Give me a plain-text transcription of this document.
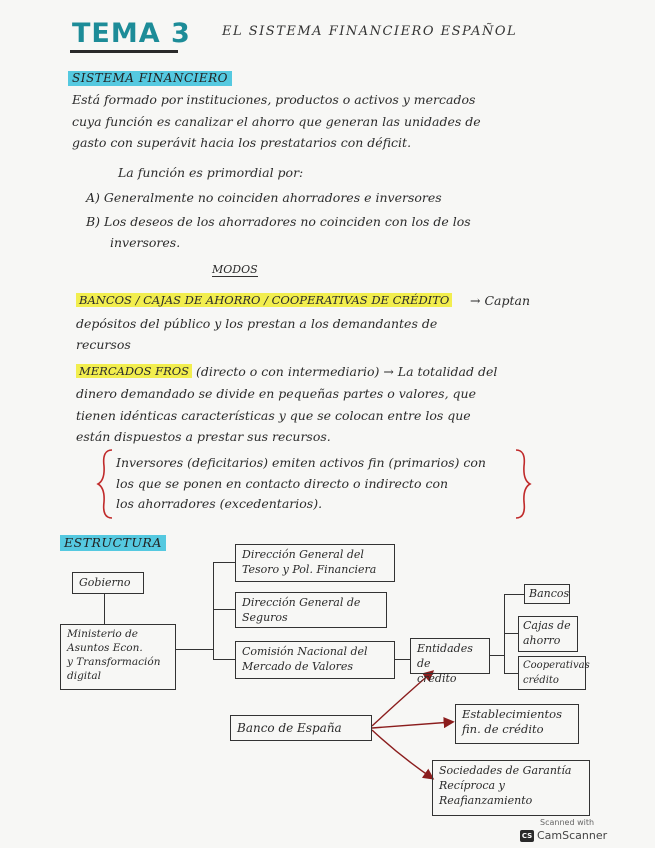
TEMA 3 EL SISTEMA FINANCIERO ESPAÑOL
SISTEMA FINANCIERO
Está formado por instituciones, productos o activos y mercados
cuya función es canalizar el ahorro que generan las unidades de
gasto con superávit hacia los prestatarios con déficit.
La función es primordial por:
A) Generalmente no coinciden ahorradores e inversores
B) Los deseos de los ahorradores no coinciden con los de los
inversores.
MODOS
BANCOS / CAJAS DE AHORRO / COOPERATIVAS DE CRÉDITO → Captan
depósitos del público y los prestan a los demandantes de
recursos
MERCADOS FROS (directo o con intermediario) → La totalidad del
dinero demandado se divide en pequeñas partes o valores, que
tienen idénticas características y que se colocan entre los que
están dispuestos a prestar sus recursos.
Inversores (deficitarios) emiten activos fin (primarios) con
los que se ponen en contacto directo o indirecto con
los ahorradores (excedentarios).
ESTRUCTURA
Gobierno
Ministerio de
Asuntos Econ.
y Transformación
digital
Dirección General del
Tesoro y Pol. Financiera
Dirección General de
Seguros
Comisión Nacional del
Mercado de Valores
Entidades de
crédito
Bancos
Cajas de
ahorro
Cooperativas
crédito
Banco de España
Establecimientos
fin. de crédito
Sociedades de Garantía
Recíproca y
Reafianzamiento
Scanned with
CS CamScanner
